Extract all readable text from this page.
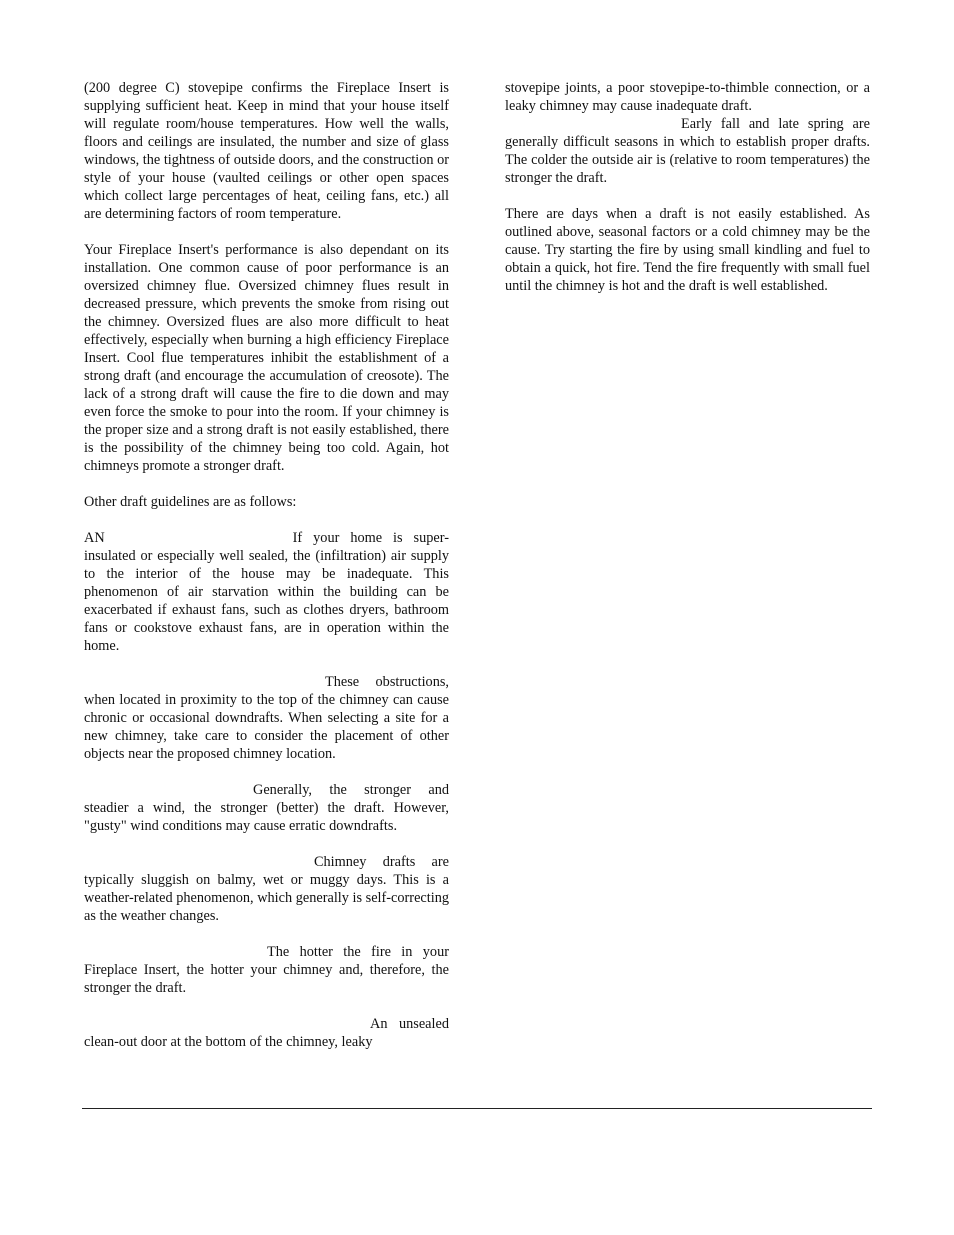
(200 degree C) stovepipe confirms the Fireplace Insert is supplying sufficient heat. Keep in mind that your house itself will regulate room/house temperatures. How well the walls, floors and ceilings are insulated, the number and size of glass windows, the tightness of outside doors, and the construction or style of your house (vaulted ceilings or other open spaces which collect large percentages of heat, ceiling fans, etc.) all are determining factors of room temperature.

Your Fireplace Insert's performance is also dependant on its installation. One common cause of poor performance is an oversized chimney flue. Oversized chimney flues result in decreased pressure, which prevents the smoke from rising out the chimney. Oversized flues are also more difficult to heat effectively, especially when burning a high efficiency Fireplace Insert. Cool flue temperatures inhibit the establishment of a strong draft (and encourage the accumulation of creosote). The lack of a strong draft will cause the fire to die down and may even force the smoke to pour into the room. If your chimney is the proper size and a strong draft is not easily established, there is the possibility of the chimney being too cold. Again, hot chimneys promote a stronger draft.

Other draft guidelines are as follows:

AN	If your home is super-insulated or especially well sealed, the (infiltration) air supply to the interior of the house may be inadequate. This phenomenon of air starvation within the building can be exacerbated if exhaust fans, such as clothes dryers, bathroom fans or cookstove exhaust fans, are in operation within the home.

These obstructions, when located in proximity to the top of the chimney can cause chronic or occasional downdrafts. When selecting a site for a new chimney, take care to consider the placement of other objects near the proposed chimney location.

Generally, the stronger and steadier a wind, the stronger (better) the draft. However, "gusty" wind conditions may cause erratic downdrafts.

Chimney drafts are typically sluggish on balmy, wet or muggy days. This is a weather-related phenomenon, which generally is self-correcting as the weather changes.

The hotter the fire in your Fireplace Insert, the hotter your chimney and, therefore, the stronger the draft.

An unsealed clean-out door at the bottom of the chimney, leaky

stovepipe joints, a poor stovepipe-to-thimble connection, or a leaky chimney may cause inadequate draft.

Early fall and late spring are generally difficult seasons in which to establish proper drafts. The colder the outside air is (relative to room temperatures) the stronger the draft.

There are days when a draft is not easily established. As outlined above, seasonal factors or a cold chimney may be the cause. Try starting the fire by using small kindling and fuel to obtain a quick, hot fire. Tend the fire frequently with small fuel until the chimney is hot and the draft is well established.
